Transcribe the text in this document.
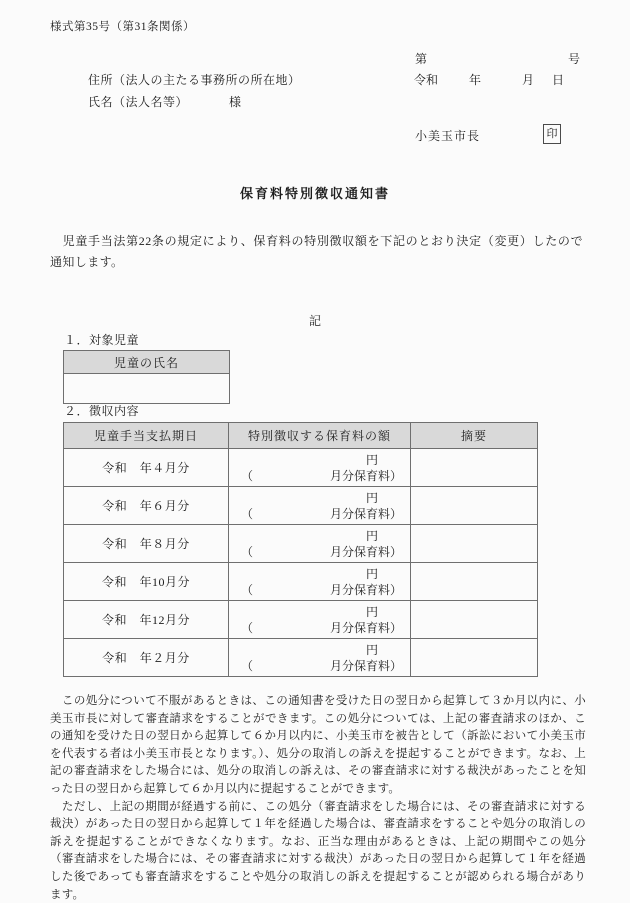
様式第35号（第31条関係）
第	号
住所（法人の主たる事務所の所在地）	令和	年	月 日
氏名（法人名等）	様
小美玉市長	印
保育料特別徴収通知書
　児童手当法第22条の規定により、保育料の特別徴収額を下記のとおり決定（変更）したので通知します。
記
１．対象児童
児童の氏名

２．徴収内容
児童手当支払期日	特別徴収する保育料の額	摘要
令和　年４月分	円
（ 月分保育料）	

令和　年６月分	円
（ 月分保育料）	

令和　年８月分	円
（ 月分保育料）	

令和　年10月分	円
（ 月分保育料）	

令和　年12月分	円
（ 月分保育料）	

令和　年２月分	円
（ 月分保育料）	

　この処分について不服があるときは、この通知書を受けた日の翌日から起算して３か月以内に、小美玉市長に対して審査請求をすることができます。この処分については、上記の審査請求のほか、この通知を受けた日の翌日から起算して６か月以内に、小美玉市を被告として（訴訟において小美玉市を代表する者は小美玉市長となります。）、処分の取消しの訴えを提起することができます。なお、上記の審査請求をした場合には、処分の取消しの訴えは、その審査請求に対する裁決があったことを知った日の翌日から起算して６か月以内に提起することができます。

　ただし、上記の期間が経過する前に、この処分（審査請求をした場合には、その審査請求に対する裁決）があった日の翌日から起算して１年を経過した場合は、審査請求をすることや処分の取消しの訴えを提起することができなくなります。なお、正当な理由があるときは、上記の期間やこの処分（審査請求をした場合には、その審査請求に対する裁決）があった日の翌日から起算して１年を経過した後であっても審査請求をすることや処分の取消しの訴えを提起することが認められる場合があります。
